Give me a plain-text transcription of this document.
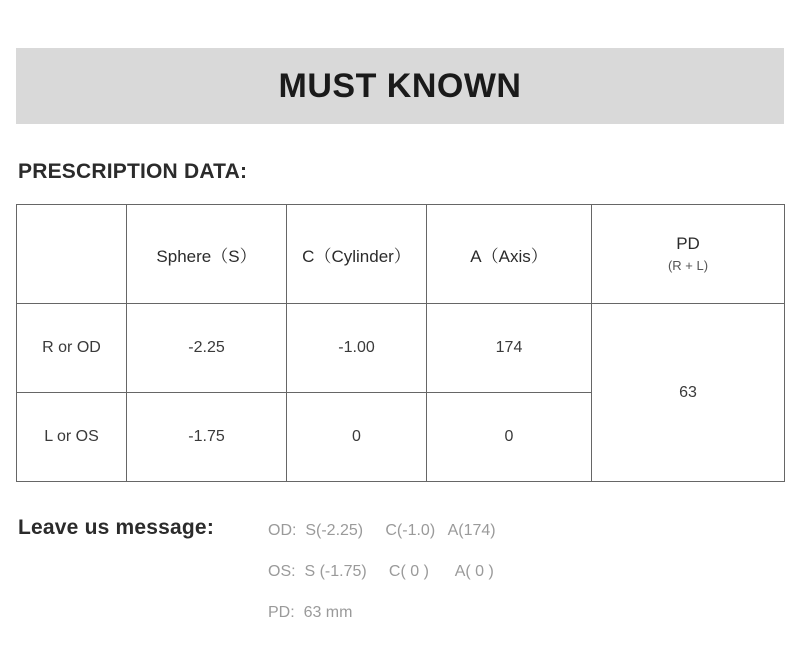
MUST KNOWN
PRESCRIPTION DATA:
	Sphere（S）	C（Cylinder）	A（Axis）	PD
(R + L)

R or OD	-2.25	-1.00	174	63
L or OS	-1.75	0	0	
Leave us message:	OD:  S(-2.25)     C(-1.0)   A(174)
OS:  S (-1.75)     C( 0 )      A( 0 )
PD:  63 mm
